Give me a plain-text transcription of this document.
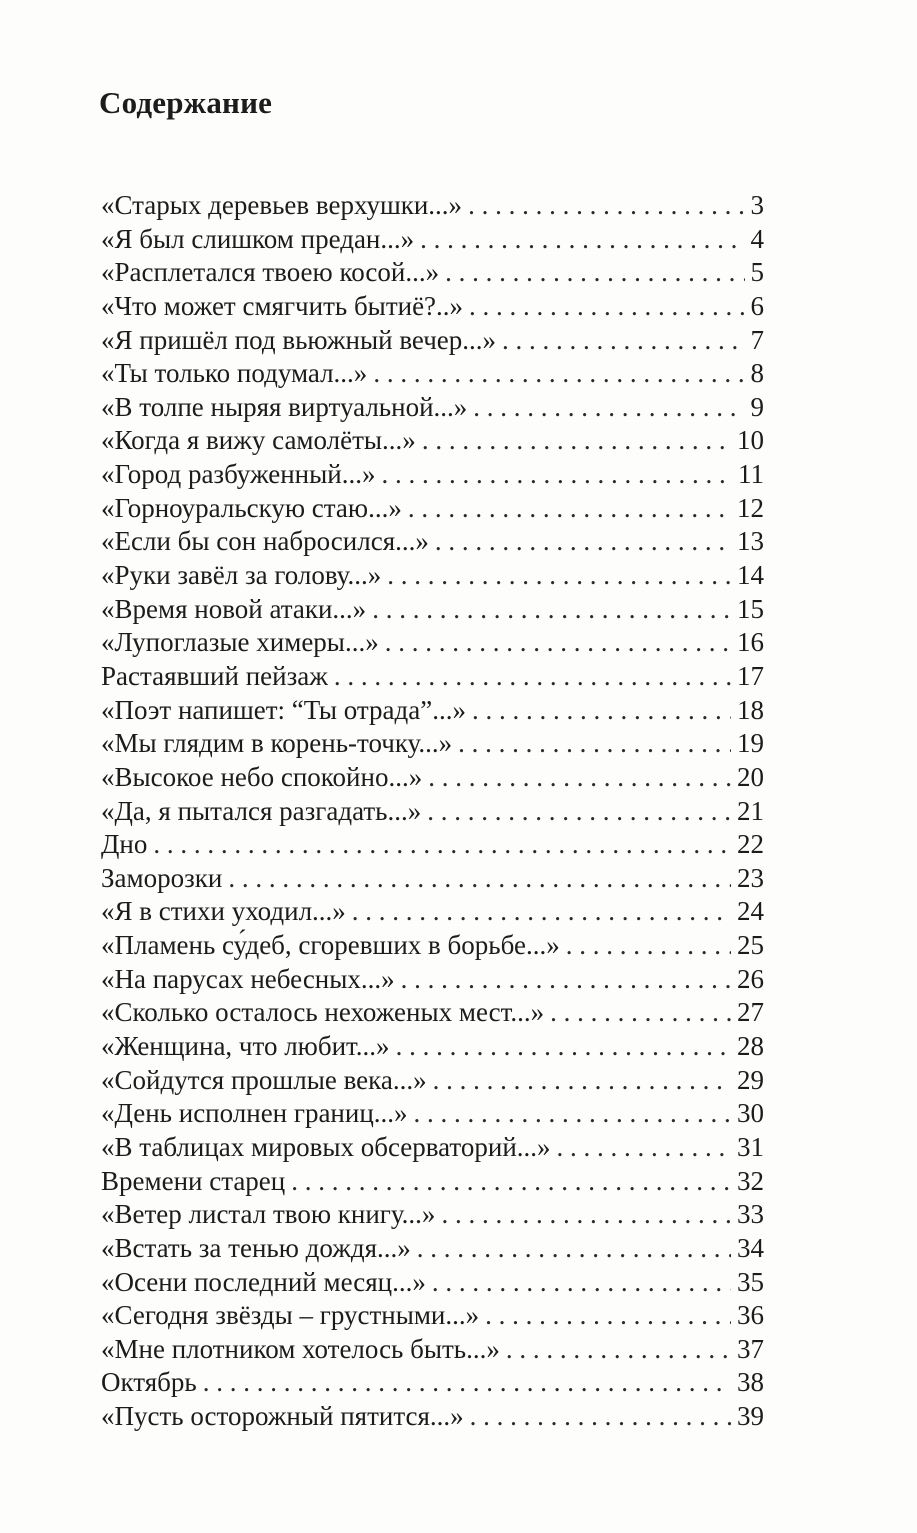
Содержание
«Старых деревьев верхушки...» . . .	3
«Я был слишком предан...» . . .	4
«Расплетался твоею косой...» . . .	5
«Что может смягчить бытиё?..» . . .	6
«Я пришёл под вьюжный вечер...» . . .	7
«Ты только подумал...» . . .	8
«В толпе ныряя виртуальной...» . . .	9
«Когда я вижу самолёты...» . . .	10
«Город разбуженный...» . . .	11
«Горноуральскую стаю...» . . .	12
«Если бы сон набросился...» . . .	13
«Руки завёл за голову...» . . .	14
«Время новой атаки...» . . .	15
«Лупоглазые химеры...» . . .	16
Растаявший пейзаж . . .	17
«Поэт напишет: “Ты отрада”...» . . .	18
«Мы глядим в корень-точку...» . . .	19
«Высокое небо спокойно...» . . .	20
«Да, я пытался разгадать...» . . .	21
Дно . . .	22
Заморозки . . .	23
«Я в стихи уходил...» . . .	24
«Пламень су́деб, сгоревших в борьбе...» . . .	25
«На парусах небесных...» . . .	26
«Сколько осталось нехоженых мест...» . . .	27
«Женщина, что любит...» . . .	28
«Сойдутся прошлые века...» . . .	29
«День исполнен границ...» . . .	30
«В таблицах мировых обсерваторий...» . . .	31
Времени старец . . .	32
«Ветер листал твою книгу...» . . .	33
«Встать за тенью дождя...» . . .	34
«Осени последний месяц...» . . .	35
«Сегодня звёзды – грустными...» . . .	36
«Мне плотником хотелось быть...» . . .	37
Октябрь . . .	38
«Пусть осторожный пятится...» . . .	39
